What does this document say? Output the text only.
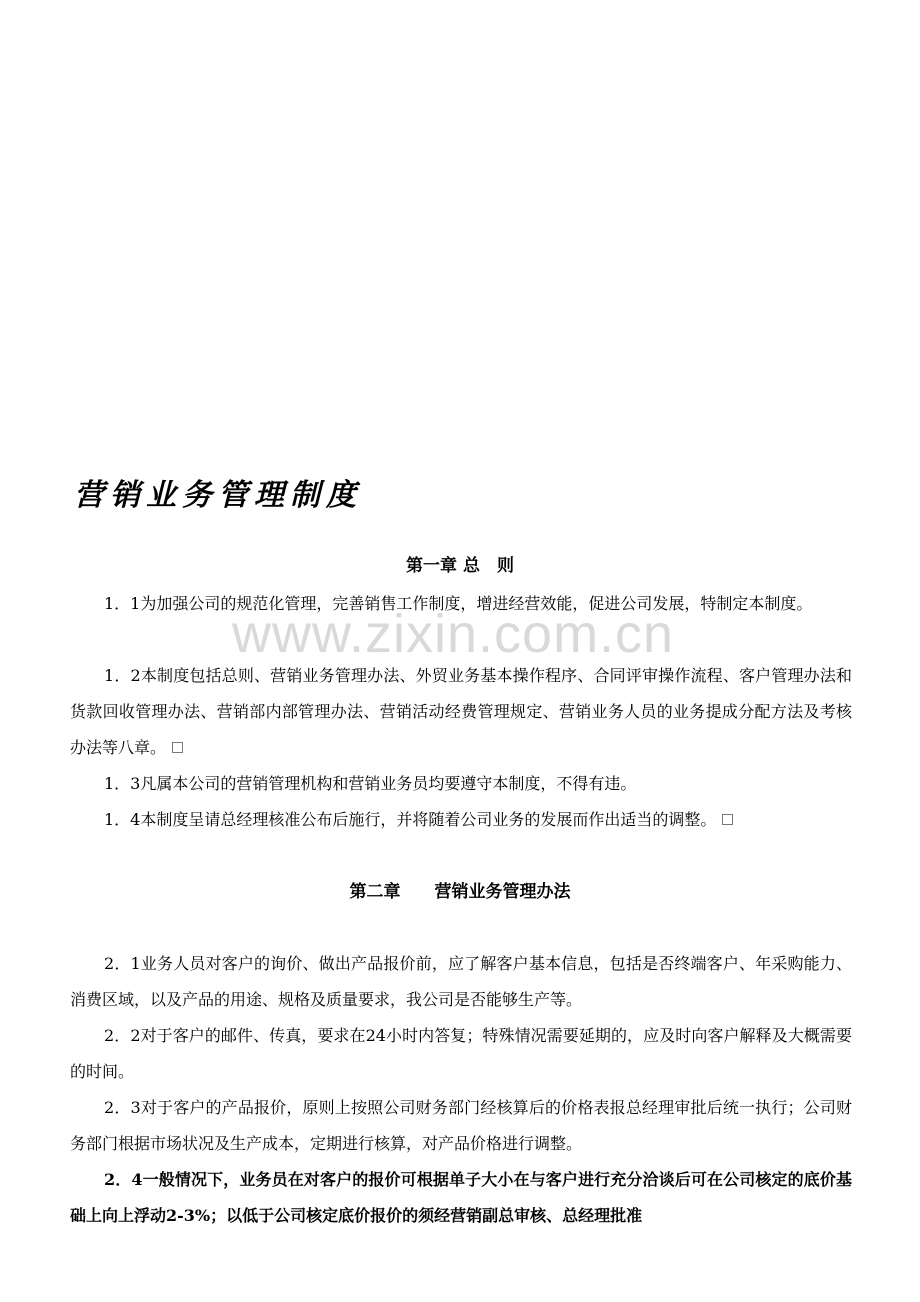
www.zixin.com.cn
营销业务管理制度
第一章 总　则

1．1为加强公司的规范化管理，完善销售工作制度，增进经营效能，促进公司发展，特制定本制度。

1．2本制度包括总则、营销业务管理办法、外贸业务基本操作程序、合同评审操作流程、客户管理办法和货款回收管理办法、营销部内部管理办法、营销活动经费管理规定、营销业务人员的业务提成分配方法及考核办法等八章。

1．3凡属本公司的营销管理机构和营销业务员均要遵守本制度，不得有违。

1．4本制度呈请总经理核准公布后施行，并将随着公司业务的发展而作出适当的调整。

第二章　　营销业务管理办法

2．1业务人员对客户的询价、做出产品报价前，应了解客户基本信息，包括是否终端客户、年采购能力、消费区域，以及产品的用途、规格及质量要求，我公司是否能够生产等。

2．2对于客户的邮件、传真，要求在24小时内答复；特殊情况需要延期的，应及时向客户解释及大概需要的时间。

2．3对于客户的产品报价，原则上按照公司财务部门经核算后的价格表报总经理审批后统一执行；公司财务部门根据市场状况及生产成本，定期进行核算，对产品价格进行调整。

2．4一般情况下，业务员在对客户的报价可根据单子大小在与客户进行充分洽谈后可在公司核定的底价基础上向上浮动2-3%；以低于公司核定底价报价的须经营销副总审核、总经理批准
